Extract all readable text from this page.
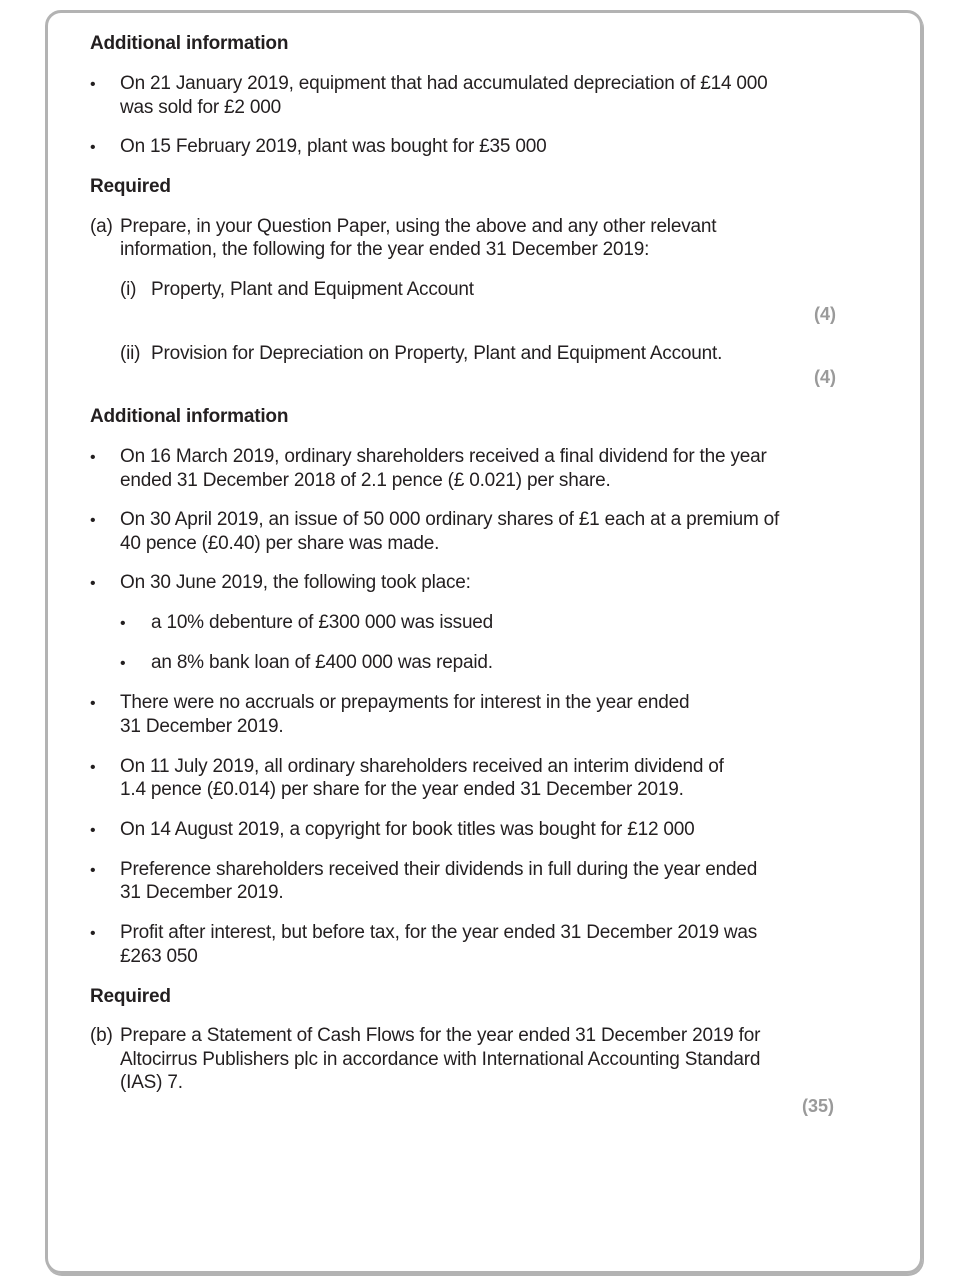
Additional information
• On 21 January 2019, equipment that had accumulated depreciation of £14 000
was sold for £2 000
• On 15 February 2019, plant was bought for £35 000
Required
(a) Prepare, in your Question Paper, using the above and any other relevant
information, the following for the year ended 31 December 2019:
(i) Property, Plant and Equipment Account
(4)
(ii) Provision for Depreciation on Property, Plant and Equipment Account.
(4)
Additional information
• On 16 March 2019, ordinary shareholders received a final dividend for the year
ended 31 December 2018 of 2.1 pence (£ 0.021) per share.
• On 30 April 2019, an issue of 50 000 ordinary shares of £1 each at a premium of
40 pence (£0.40) per share was made.
• On 30 June 2019, the following took place:
• a 10% debenture of £300 000 was issued
• an 8% bank loan of £400 000 was repaid.
• There were no accruals or prepayments for interest in the year ended
31 December 2019.
• On 11 July 2019, all ordinary shareholders received an interim dividend of
1.4 pence (£0.014) per share for the year ended 31 December 2019.
• On 14 August 2019, a copyright for book titles was bought for £12 000
• Preference shareholders received their dividends in full during the year ended
31 December 2019.
• Profit after interest, but before tax, for the year ended 31 December 2019 was
£263 050
Required
(b) Prepare a Statement of Cash Flows for the year ended 31 December 2019 for
Altocirrus Publishers plc in accordance with International Accounting Standard
(IAS) 7.
(35)
